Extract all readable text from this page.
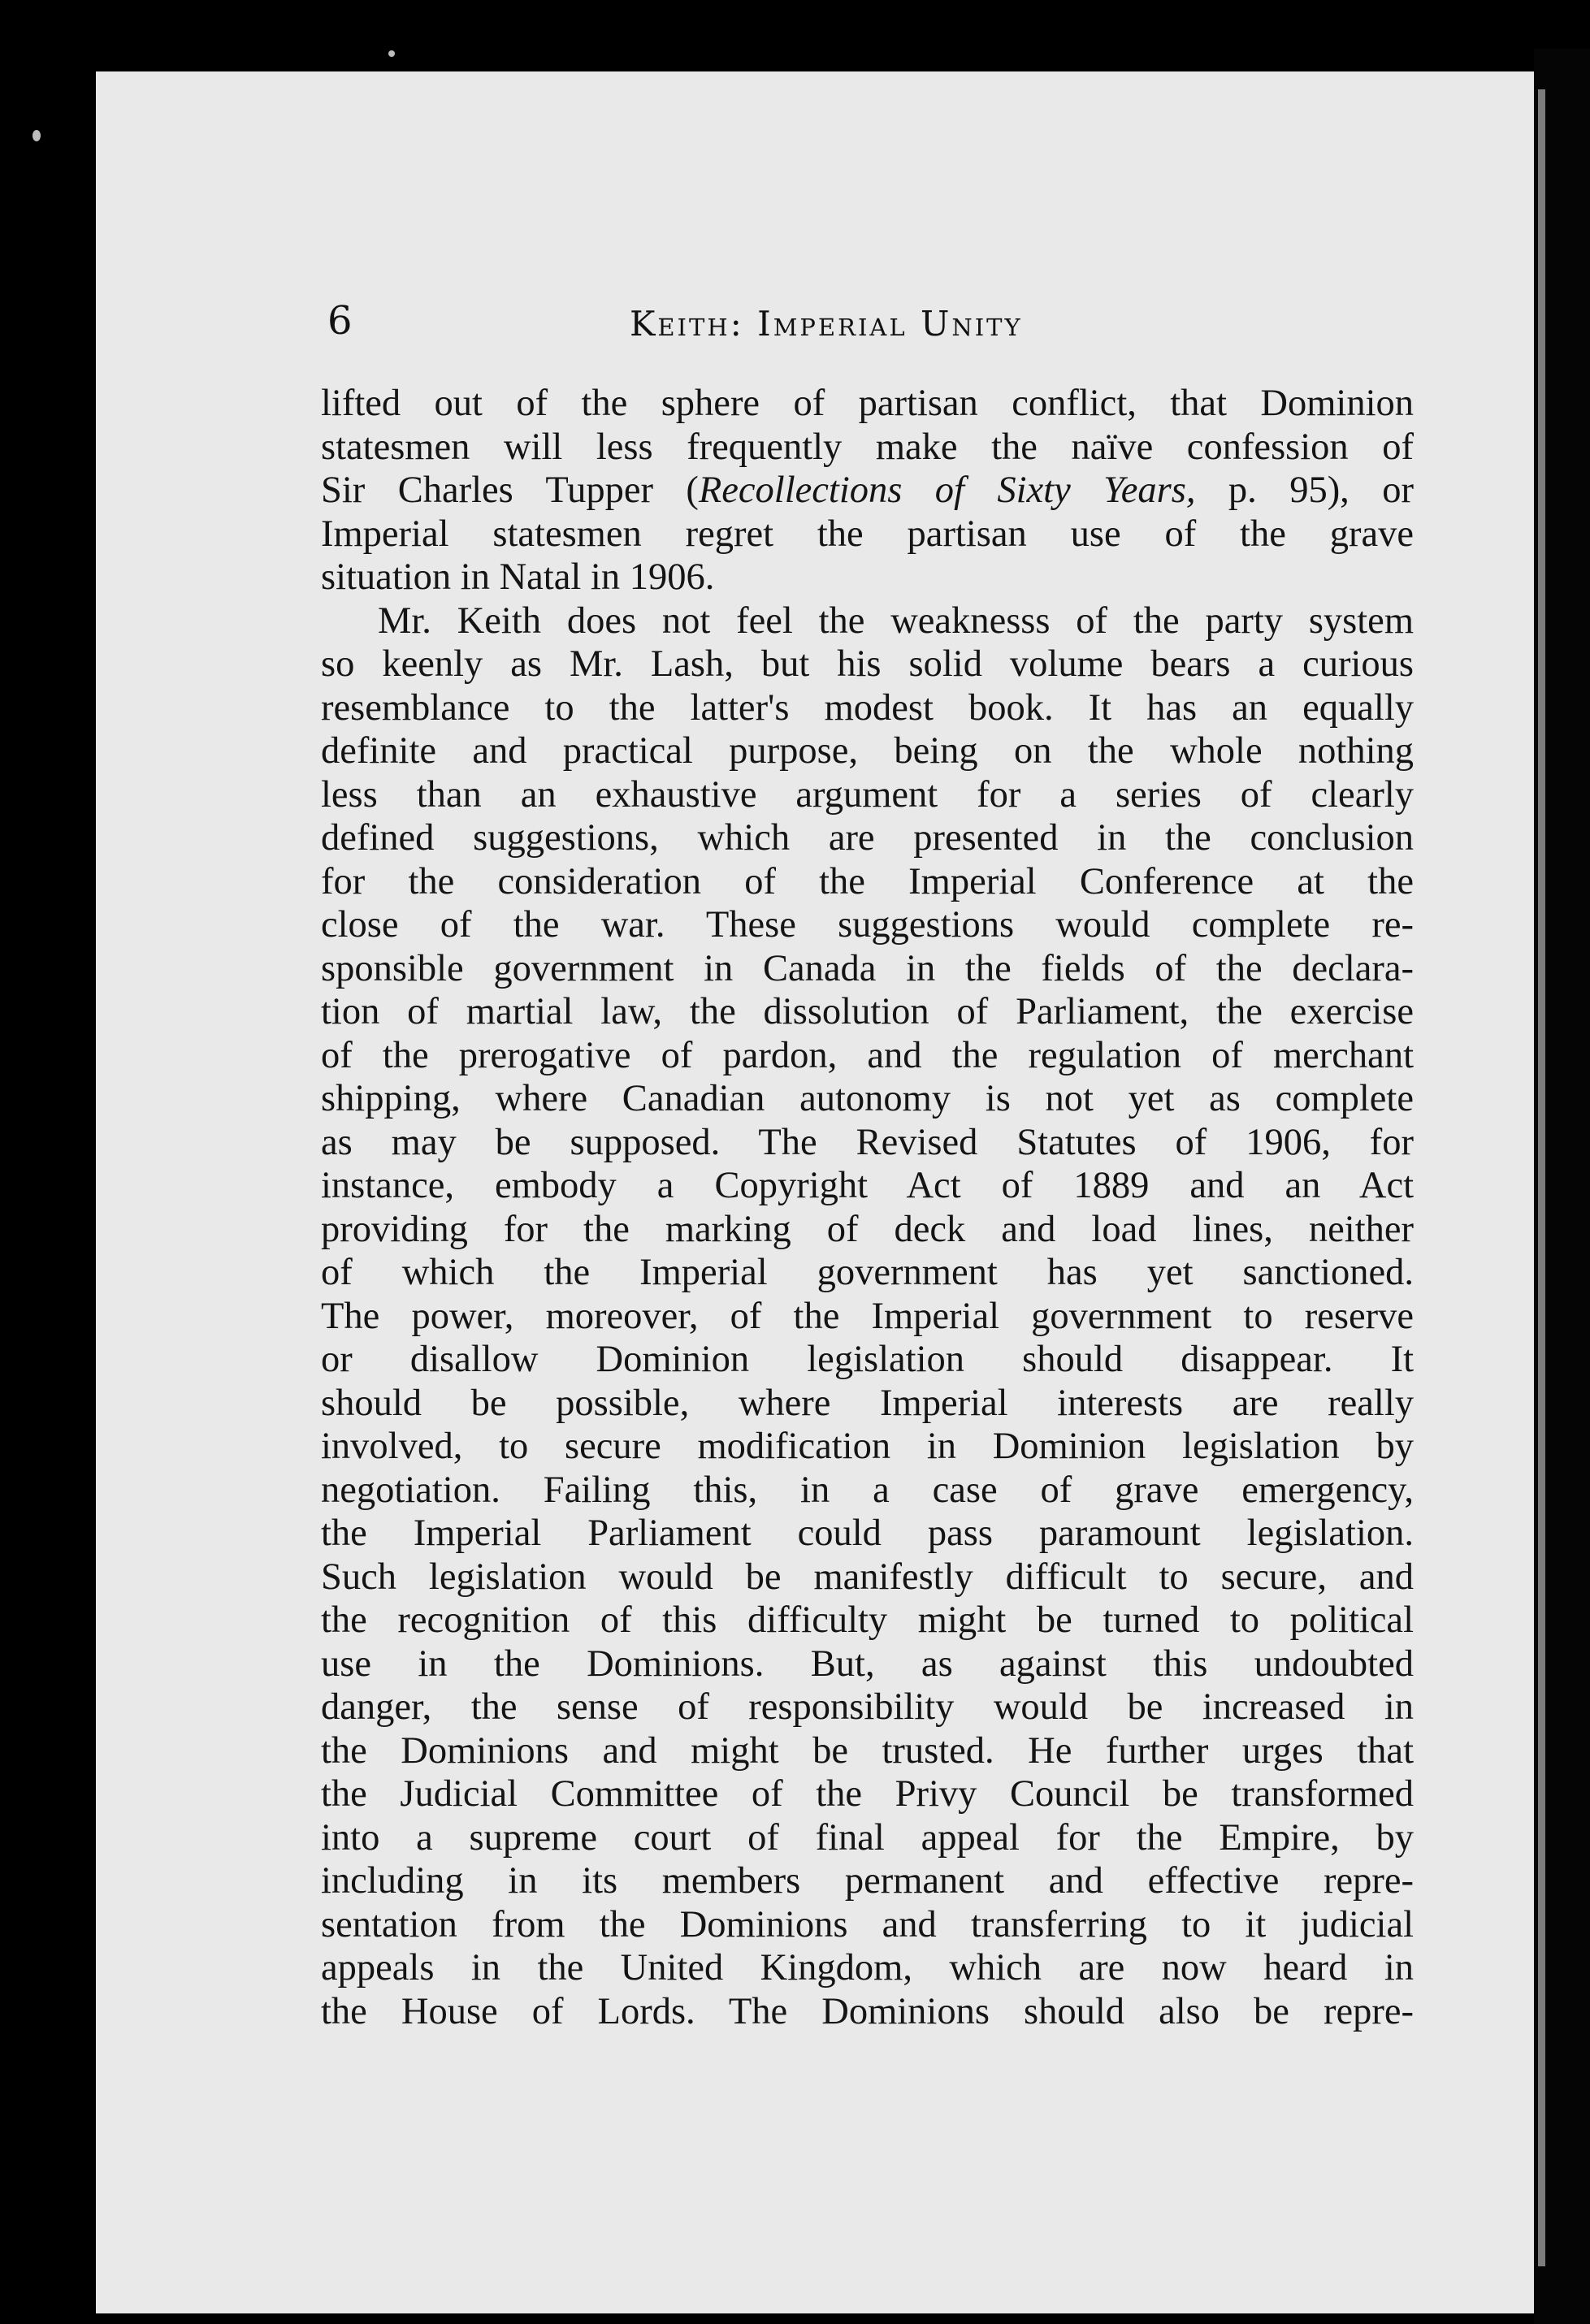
6	Keith: Imperial Unity
lifted out of the sphere of partisan conflict, that Dominion
statesmen will less frequently make the naïve confession of
Sir Charles Tupper (Recollections of Sixty Years, p. 95), or
Imperial statesmen regret the partisan use of the grave
situation in Natal in 1906.
Mr. Keith does not feel the weaknesss of the party system
so keenly as Mr. Lash, but his solid volume bears a curious
resemblance to the latter's modest book. It has an equally
definite and practical purpose, being on the whole nothing
less than an exhaustive argument for a series of clearly
defined suggestions, which are presented in the conclusion
for the consideration of the Imperial Conference at the
close of the war. These suggestions would complete re-
sponsible government in Canada in the fields of the declara-
tion of martial law, the dissolution of Parliament, the exercise
of the prerogative of pardon, and the regulation of merchant
shipping, where Canadian autonomy is not yet as complete
as may be supposed. The Revised Statutes of 1906, for
instance, embody a Copyright Act of 1889 and an Act
providing for the marking of deck and load lines, neither
of which the Imperial government has yet sanctioned.
The power, moreover, of the Imperial government to reserve
or disallow Dominion legislation should disappear. It
should be possible, where Imperial interests are really
involved, to secure modification in Dominion legislation by
negotiation. Failing this, in a case of grave emergency,
the Imperial Parliament could pass paramount legislation.
Such legislation would be manifestly difficult to secure, and
the recognition of this difficulty might be turned to political
use in the Dominions. But, as against this undoubted
danger, the sense of responsibility would be increased in
the Dominions and might be trusted. He further urges that
the Judicial Committee of the Privy Council be transformed
into a supreme court of final appeal for the Empire, by
including in its members permanent and effective repre-
sentation from the Dominions and transferring to it judicial
appeals in the United Kingdom, which are now heard in
the House of Lords. The Dominions should also be repre-
